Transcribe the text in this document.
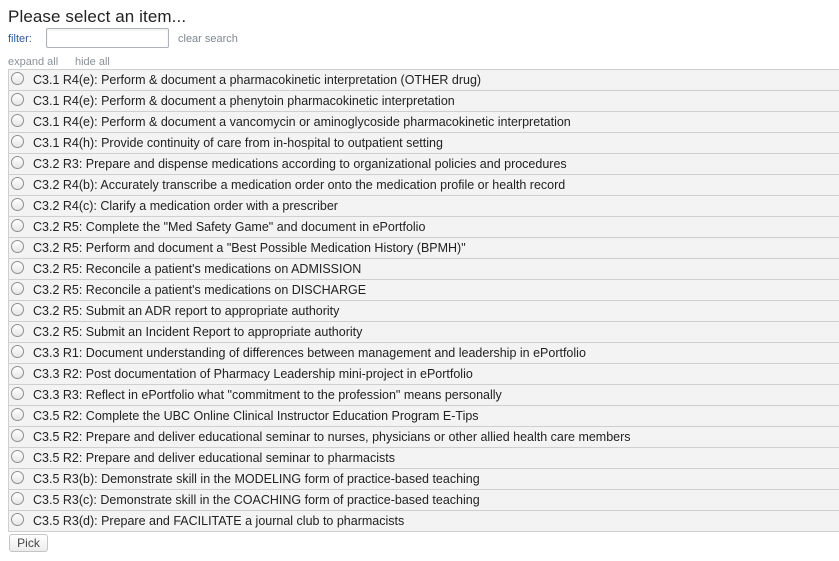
Please select an item...
filter:	clear search
expand all hide all
C3.1 R4(e): Perform & document a pharmacokinetic interpretation (OTHER drug)
C3.1 R4(e): Perform & document a phenytoin pharmacokinetic interpretation
C3.1 R4(e): Perform & document a vancomycin or aminoglycoside pharmacokinetic interpretation
C3.1 R4(h): Provide continuity of care from in-hospital to outpatient setting
C3.2 R3: Prepare and dispense medications according to organizational policies and procedures
C3.2 R4(b): Accurately transcribe a medication order onto the medication profile or health record
C3.2 R4(c): Clarify a medication order with a prescriber
C3.2 R5: Complete the "Med Safety Game" and document in ePortfolio
C3.2 R5: Perform and document a "Best Possible Medication History (BPMH)"
C3.2 R5: Reconcile a patient's medications on ADMISSION
C3.2 R5: Reconcile a patient's medications on DISCHARGE
C3.2 R5: Submit an ADR report to appropriate authority
C3.2 R5: Submit an Incident Report to appropriate authority
C3.3 R1: Document understanding of differences between management and leadership in ePortfolio
C3.3 R2: Post documentation of Pharmacy Leadership mini-project in ePortfolio
C3.3 R3: Reflect in ePortfolio what "commitment to the profession" means personally
C3.5 R2: Complete the UBC Online Clinical Instructor Education Program E-Tips
C3.5 R2: Prepare and deliver educational seminar to nurses, physicians or other allied health care members
C3.5 R2: Prepare and deliver educational seminar to pharmacists
C3.5 R3(b): Demonstrate skill in the MODELING form of practice-based teaching
C3.5 R3(c): Demonstrate skill in the COACHING form of practice-based teaching
C3.5 R3(d): Prepare and FACILITATE a journal club to pharmacists
Pick
